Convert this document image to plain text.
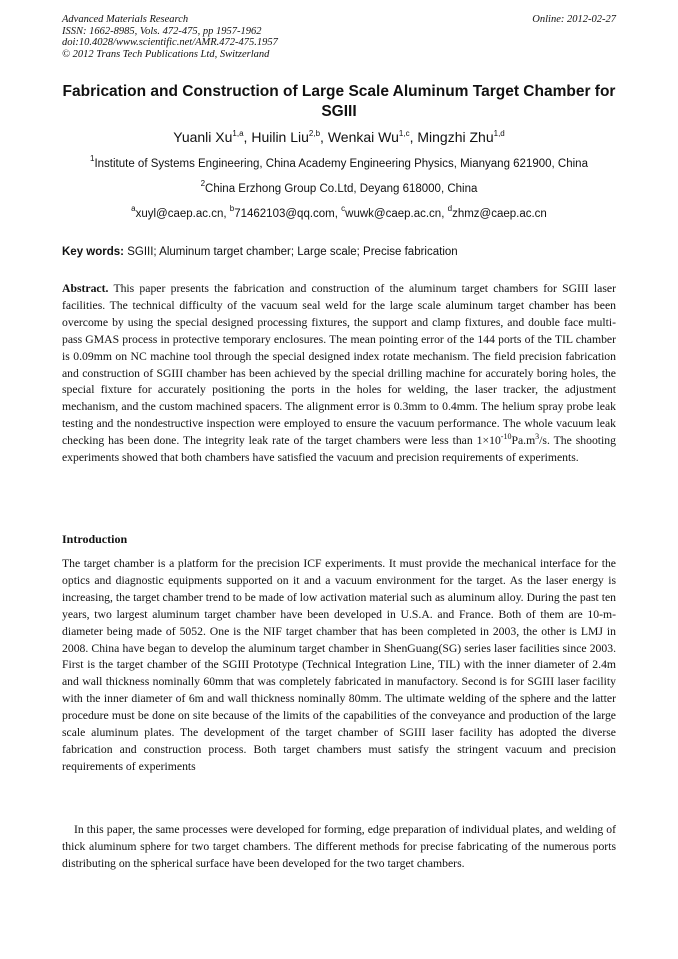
Advanced Materials Research
ISSN: 1662-8985, Vols. 472-475, pp 1957-1962
doi:10.4028/www.scientific.net/AMR.472-475.1957
© 2012 Trans Tech Publications Ltd, Switzerland
Online: 2012-02-27
Fabrication and Construction of Large Scale Aluminum Target Chamber for SGIII
Yuanli Xu$^{1,a}$, Huilin Liu$^{2,b}$, Wenkai Wu$^{1,c}$, Mingzhi Zhu$^{1,d}$
$^1$Institute of Systems Engineering, China Academy Engineering Physics, Mianyang 621900, China
$^2$China Erzhong Group Co.Ltd, Deyang 618000, China
$^a$xuyl@caep.ac.cn, $^b$71462103@qq.com, $^c$wuwk@caep.ac.cn, $^d$zhmz@caep.ac.cn
Key words: SGIII; Aluminum target chamber; Large scale; Precise fabrication
Abstract. This paper presents the fabrication and construction of the aluminum target chambers for SGIII laser facilities. The technical difficulty of the vacuum seal weld for the large scale aluminum target chamber has been overcome by using the special designed processing fixtures, the support and clamp fixtures, and double face multi-pass GMAS process in protective temporary enclosures. The mean pointing error of the 144 ports of the TIL chamber is 0.09mm on NC machine tool through the special designed index rotate mechanism. The field precision fabrication and construction of SGIII chamber has been achieved by the special drilling machine for accurately boring holes, the special fixture for accurately positioning the ports in the holes for welding, the laser tracker, the adjustment mechanism, and the custom machined spacers. The alignment error is 0.3mm to 0.4mm. The helium spray probe leak testing and the nondestructive inspection were employed to ensure the vacuum performance. The whole vacuum leak checking has been done. The integrity leak rate of the target chambers were less than $1\times 10^{-10}Pa.m^3/s$. The shooting experiments showed that both chambers have satisfied the vacuum and precision requirements of experiments.
Introduction
The target chamber is a platform for the precision ICF experiments. It must provide the mechanical interface for the optics and diagnostic equipments supported on it and a vacuum environment for the target. As the laser energy is increasing, the target chamber trend to be made of low activation material such as aluminum alloy. During the past ten years, two largest aluminum target chamber have been developed in U.S.A. and France. Both of them are 10-m-diameter being made of 5052. One is the NIF target chamber that has been completed in 2003, the other is LMJ in 2008. China have began to develop the aluminum target chamber in ShenGuang(SG) series laser facilities since 2003. First is the target chamber of the SGIII Prototype (Technical Integration Line, TIL) with the inner diameter of 2.4m and wall thickness nominally 60mm that was completely fabricated in manufactory. Second is for SGIII laser facility with the inner diameter of 6m and wall thickness nominally 80mm. The ultimate welding of the sphere and the latter procedure must be done on site because of the limits of the capabilities of the conveyance and production of the large scale aluminum plates. The development of the target chamber of SGIII laser facility has adopted the diverse fabrication and construction process. Both target chambers must satisfy the stringent vacuum and precision requirements of experiments
In this paper, the same processes were developed for forming, edge preparation of individual plates, and welding of thick aluminum sphere for two target chambers. The different methods for precise fabricating of the numerous ports distributing on the spherical surface have been developed for the two target chambers.
